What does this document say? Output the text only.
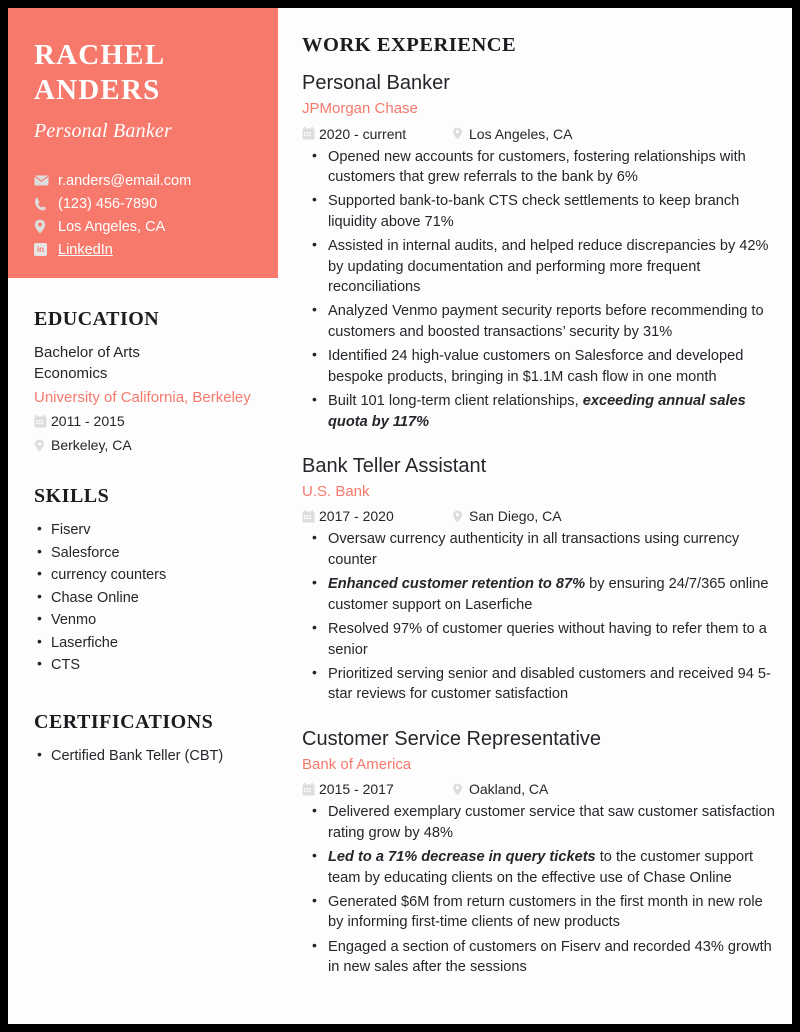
RACHEL
ANDERS
Personal Banker
r.anders@email.com
(123) 456-7890
Los Angeles, CA
in LinkedIn
EDUCATION
Bachelor of Arts
Economics
University of California, Berkeley
2011 - 2015
Berkeley, CA
SKILLS
• Fiserv
• Salesforce
• currency counters
• Chase Online
• Venmo
• Laserfiche
• CTS
CERTIFICATIONS
• Certified Bank Teller (CBT)
WORK EXPERIENCE
Personal Banker
JPMorgan Chase
2020 - current	Los Angeles, CA
• Opened new accounts for customers, fostering relationships with customers that grew referrals to the bank by 6%
• Supported bank-to-bank CTS check settlements to keep branch liquidity above 71%
• Assisted in internal audits, and helped reduce discrepancies by 42% by updating documentation and performing more frequent reconciliations
• Analyzed Venmo payment security reports before recommending to customers and boosted transactions’ security by 31%
• Identified 24 high-value customers on Salesforce and developed bespoke products, bringing in $1.1M cash flow in one month
• Built 101 long-term client relationships, exceeding annual sales quota by 117%
Bank Teller Assistant
U.S. Bank
2017 - 2020	San Diego, CA
• Oversaw currency authenticity in all transactions using currency counter
• Enhanced customer retention to 87% by ensuring 24/7/365 online customer support on Laserfiche
• Resolved 97% of customer queries without having to refer them to a senior
• Prioritized serving senior and disabled customers and received 94 5-star reviews for customer satisfaction
Customer Service Representative
Bank of America
2015 - 2017	Oakland, CA
• Delivered exemplary customer service that saw customer satisfaction rating grow by 48%
• Led to a 71% decrease in query tickets to the customer support team by educating clients on the effective use of Chase Online
• Generated $6M from return customers in the first month in new role by informing first-time clients of new products
• Engaged a section of customers on Fiserv and recorded 43% growth in new sales after the sessions
